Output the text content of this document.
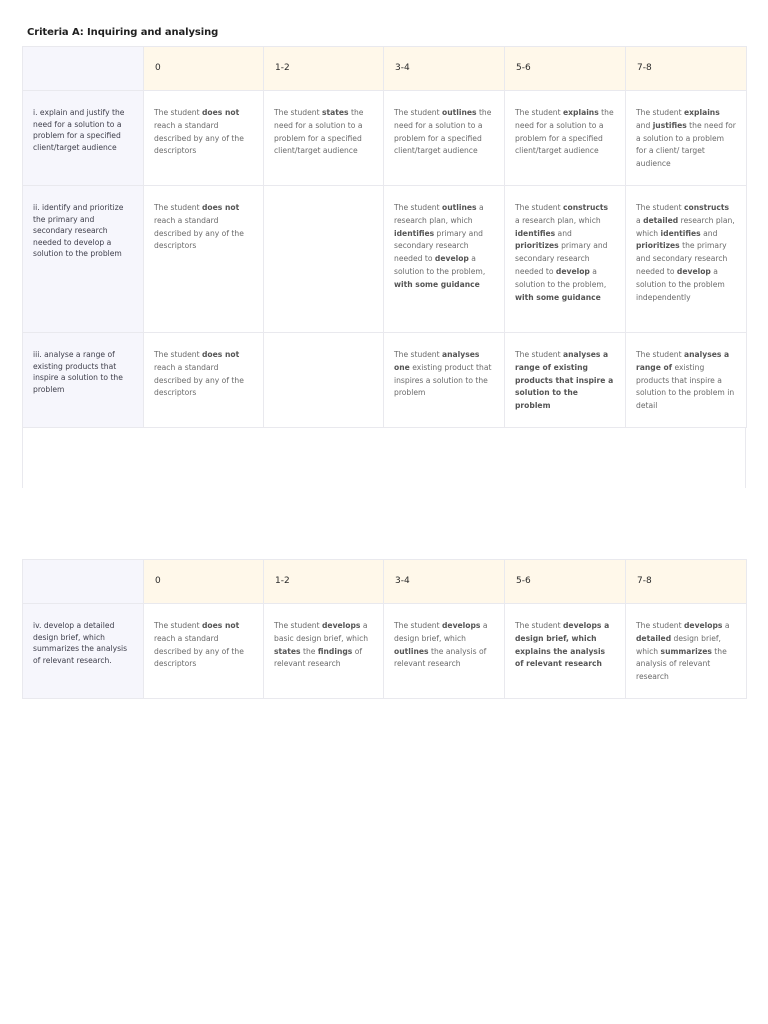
Criteria A: Inquiring and analysing
	0	1-2	3-4	5-6	7-8
i. explain and justify the need for a solution to a problem for a specified client/target audience	The student does not reach a standard described by any of the descriptors	The student states the need for a solution to a problem for a specified client/target audience	The student outlines the need for a solution to a problem for a specified client/target audience	The student explains the need for a solution to a problem for a specified client/target audience	The student explains and justifies the need for a solution to a problem for a client/ target audience
ii. identify and prioritize the primary and secondary research needed to develop a solution to the problem	The student does not reach a standard described by any of the descriptors		The student outlines a research plan, which identifies primary and secondary research needed to develop a solution to the problem, with some guidance	The student constructs a research plan, which identifies and prioritizes primary and secondary research needed to develop a solution to the problem, with some guidance	The student constructs a detailed research plan, which identifies and prioritizes the primary and secondary research needed to develop a solution to the problem independently
iii. analyse a range of existing products that inspire a solution to the problem	The student does not reach a standard described by any of the descriptors		The student analyses one existing product that inspires a solution to the problem	The student analyses a range of existing products that inspire a solution to the problem	The student analyses a range of existing products that inspire a solution to the problem in detail
	0	1-2	3-4	5-6	7-8
iv. develop a detailed design brief, which summarizes the analysis of relevant research.	The student does not reach a standard described by any of the descriptors	The student develops a basic design brief, which states the findings of relevant research	The student develops a design brief, which outlines the analysis of relevant research	The student develops a design brief, which explains the analysis of relevant research	The student develops a detailed design brief, which summarizes the analysis of relevant research
